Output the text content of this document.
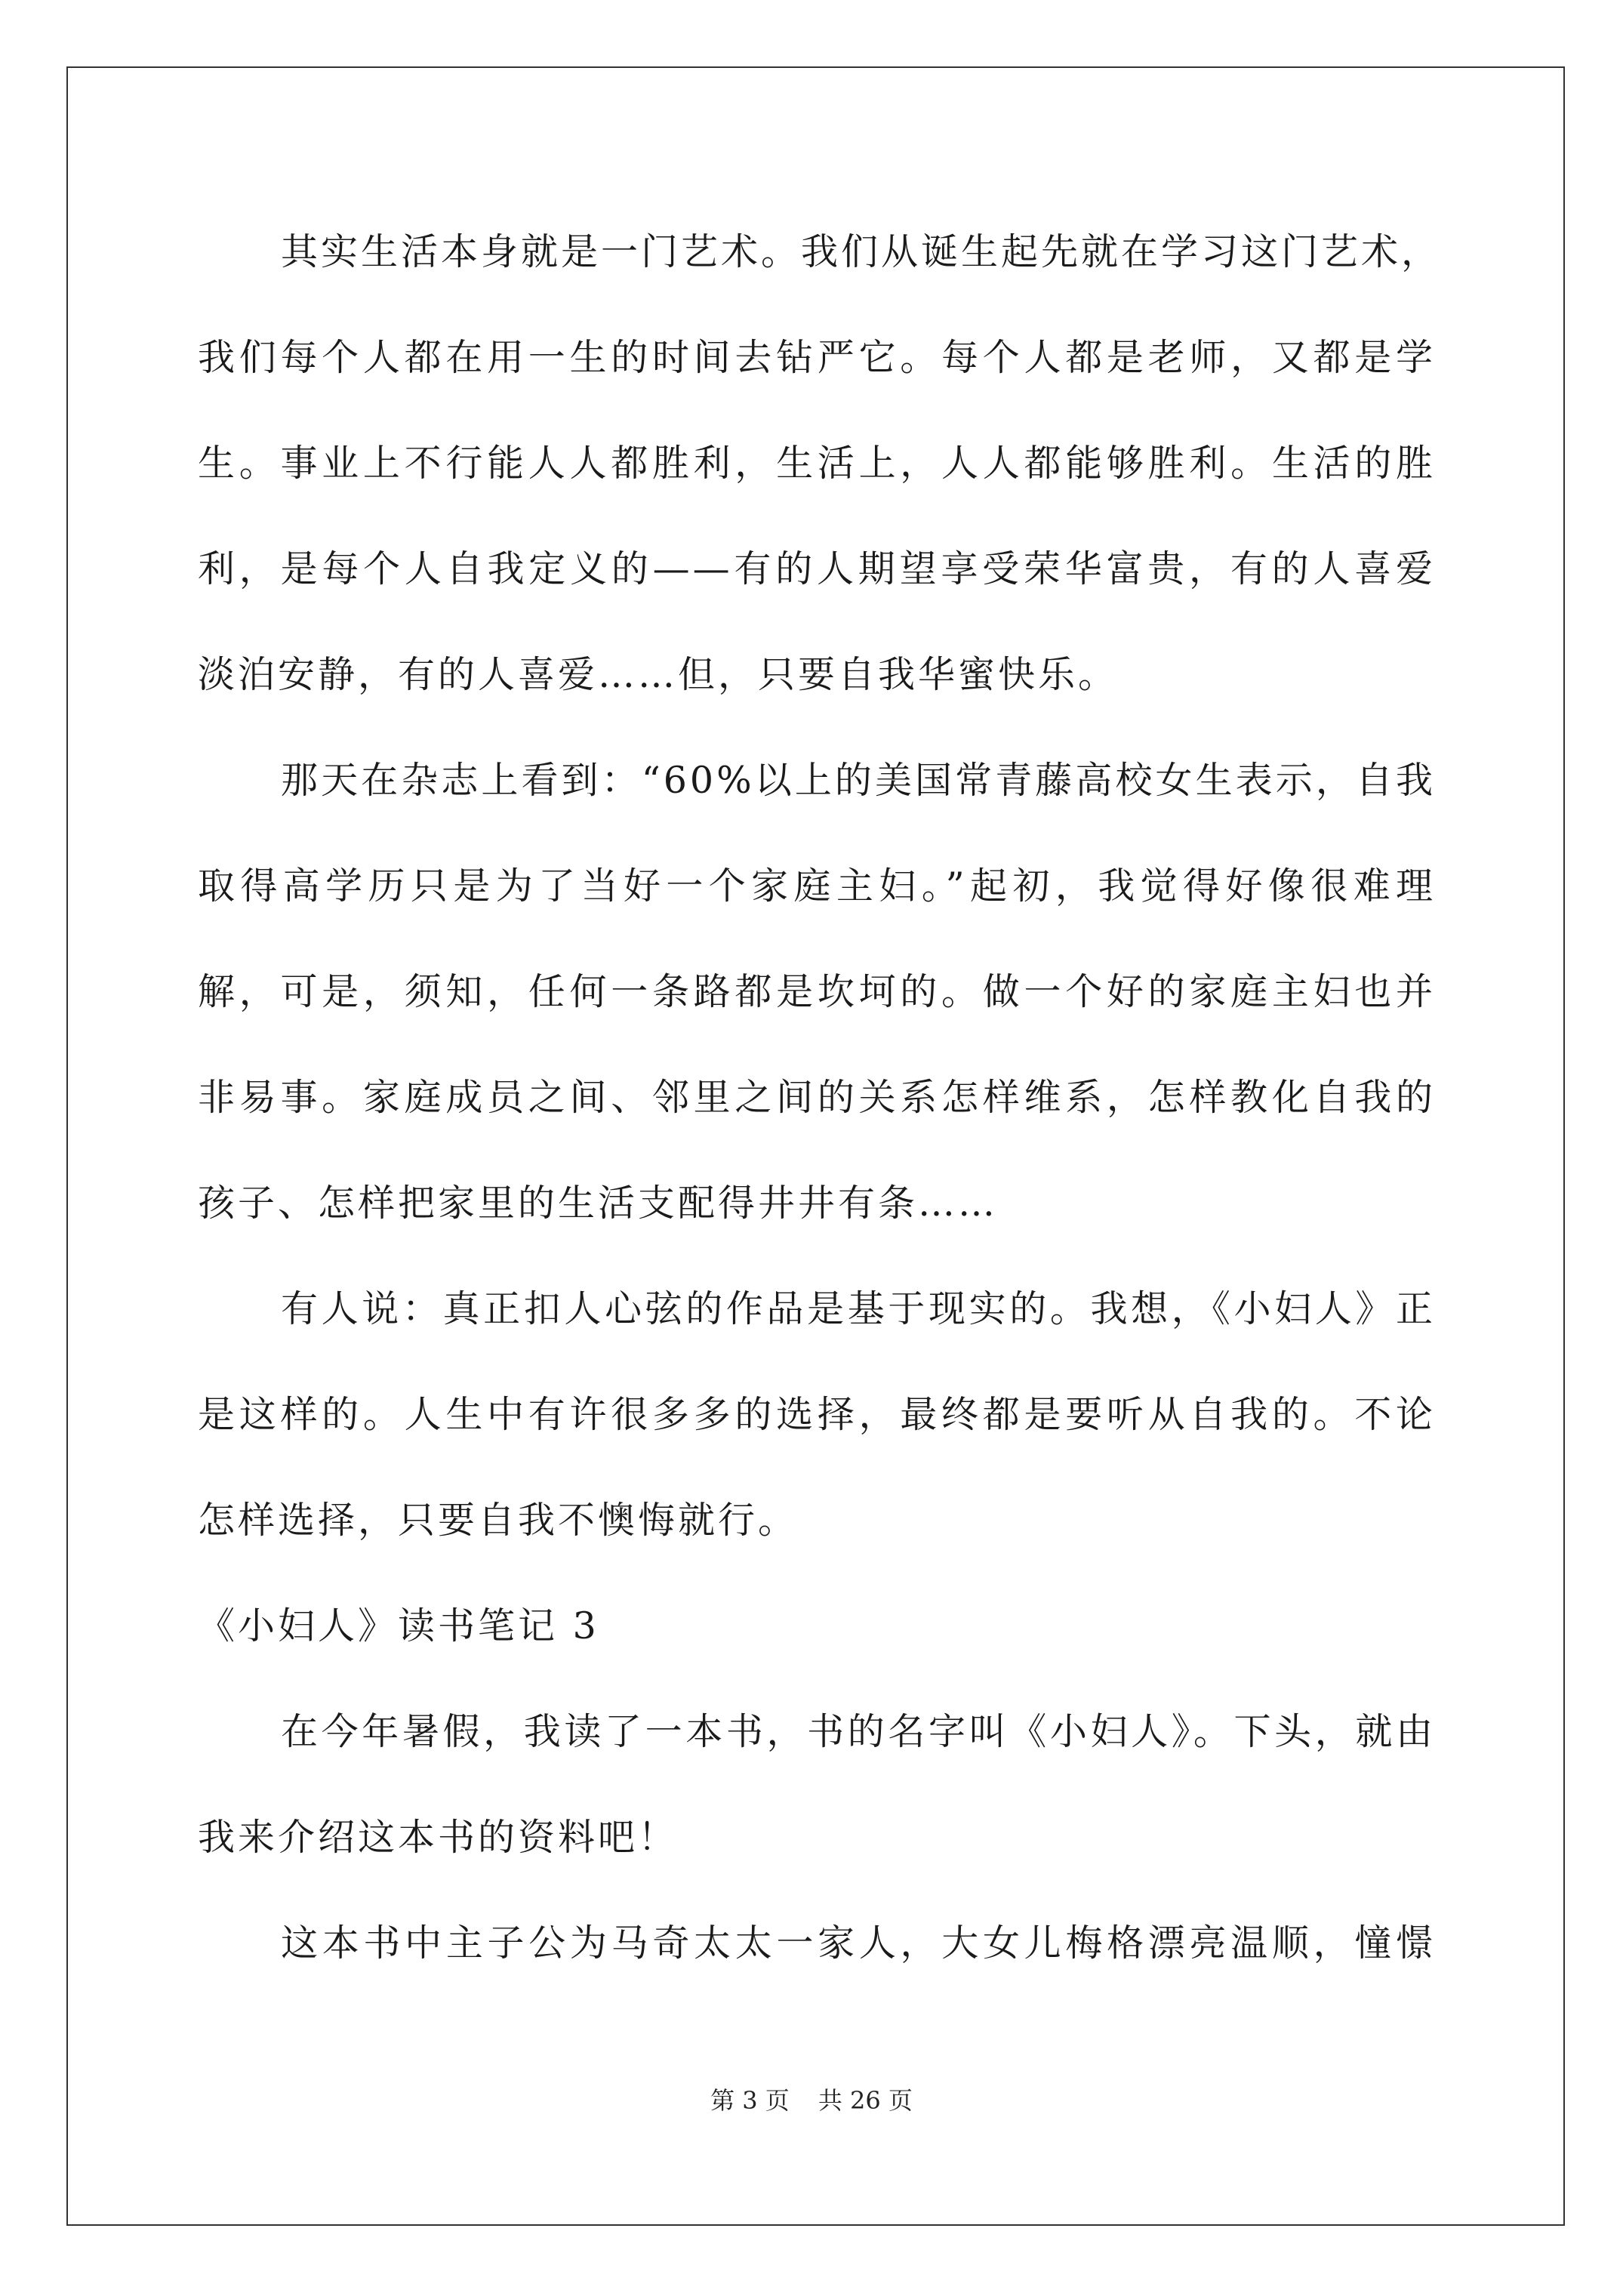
其实生活本身就是一门艺术。我们从诞生起先就在学习这门艺术，
我们每个人都在用一生的时间去钻严它。每个人都是老师，又都是学
生。事业上不行能人人都胜利，生活上，人人都能够胜利。生活的胜
利，是每个人自我定义的——有的人期望享受荣华富贵，有的人喜爱
淡泊安静，有的人喜爱……但，只要自我华蜜快乐。
那天在杂志上看到：“60%以上的美国常青藤高校女生表示，自我
取得高学历只是为了当好一个家庭主妇。”起初，我觉得好像很难理
解，可是，须知，任何一条路都是坎坷的。做一个好的家庭主妇也并
非易事。家庭成员之间、邻里之间的关系怎样维系，怎样教化自我的
孩子、怎样把家里的生活支配得井井有条……
有人说：真正扣人心弦的作品是基于现实的。我想，《小妇人》正
是这样的。人生中有许很多多的选择，最终都是要听从自我的。不论
怎样选择，只要自我不懊悔就行。
《小妇人》读书笔记 3
在今年暑假，我读了一本书，书的名字叫《小妇人》。下头，就由
我来介绍这本书的资料吧！
这本书中主子公为马奇太太一家人，大女儿梅格漂亮温顺，憧憬
第 3 页 共 26 页
